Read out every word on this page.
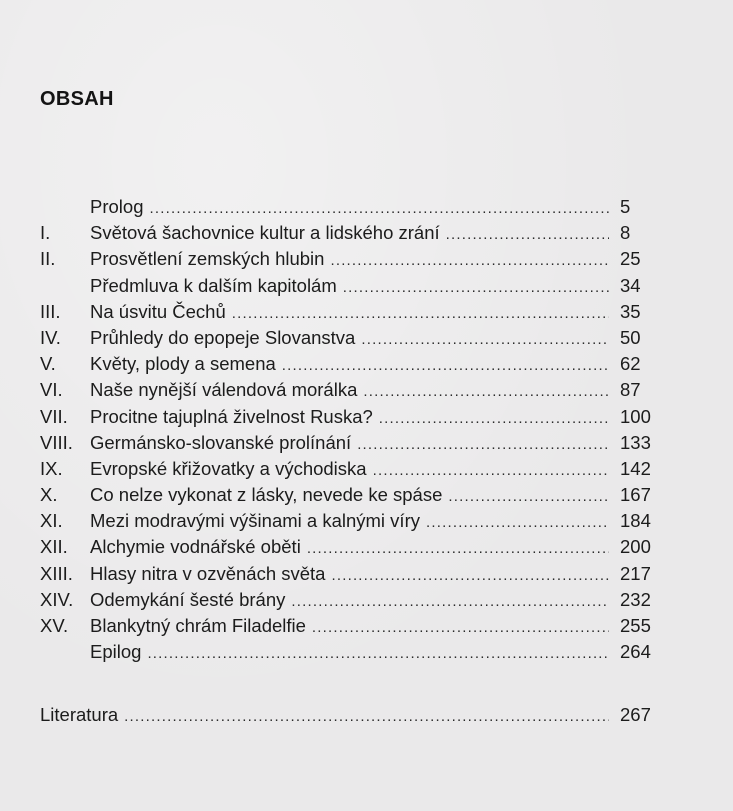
OBSAH
Prolog .....	5
I.	Světová šachovnice kultur a lidského zrání .....	8
II.	Prosvětlení zemských hlubin .....	25
Předmluva k dalším kapitolám .....	34
III.	Na úsvitu Čechů .....	35
IV.	Průhledy do epopeje Slovanstva .....	50
V.	Květy, plody a semena .....	62
VI.	Naše nynější válendová morálka .....	87
VII.	Procitne tajuplná živelnost Ruska? .....	100
VIII. Germánsko-slovanské prolínání .....	133
IX.	Evropské křižovatky a východiska .....	142
X.	Co nelze vykonat z lásky, nevede ke spáse .....	167
XI.	Mezi modravými výšinami a kalnými víry .....	184
XII.	Alchymie vodnářské oběti .....	200
XIII. Hlasy nitra v ozvěnách světa .....	217
XIV. Odemykání šesté brány .....	232
XV.	Blankytný chrám Filadelfie .....	255
Epilog .....	264
Literatura .....	267
